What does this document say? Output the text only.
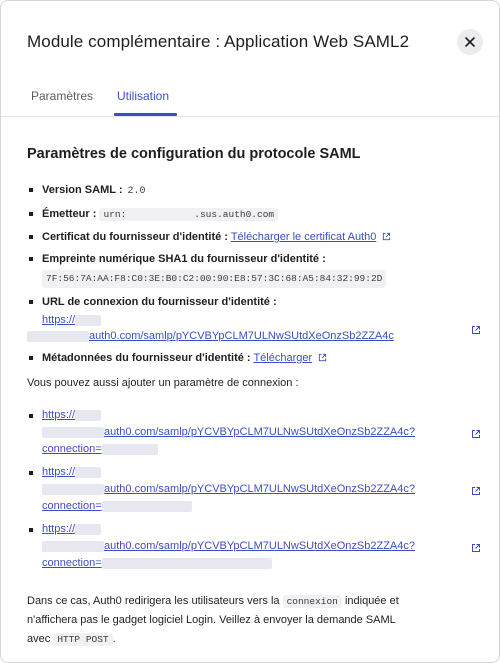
Module complémentaire : Application Web SAML2
Paramètres Utilisation
Paramètres de configuration du protocole SAML
Version SAML : 2.0
Émetteur : urn:	.sus.auth0.com
Certificat du fournisseur d'identité : Télécharger le certificat Auth0
Empreinte numérique SHA1 du fournisseur d'identité :
7F:56:7A:AA:F8:C0:3E:B0:C2:00:90:E8:57:3C:68:A5:84:32:99:2D
URL de connexion du fournisseur d'identité :
https://
auth0.com/samlp/pYCVBYpCLM7ULNwSUtdXeOnzSb2ZZA4c
Métadonnées du fournisseur d'identité : Télécharger
Vous pouvez aussi ajouter un paramètre de connexion :
https://
auth0.com/samlp/pYCVBYpCLM7ULNwSUtdXeOnzSb2ZZA4c?
connection=
https://
auth0.com/samlp/pYCVBYpCLM7ULNwSUtdXeOnzSb2ZZA4c?
connection=
https://
auth0.com/samlp/pYCVBYpCLM7ULNwSUtdXeOnzSb2ZZA4c?
connection=
Dans ce cas, Auth0 redirigera les utilisateurs vers la connexion indiquée et
n'affichera pas le gadget logiciel Login. Veillez à envoyer la demande SAML
avec HTTP POST .
